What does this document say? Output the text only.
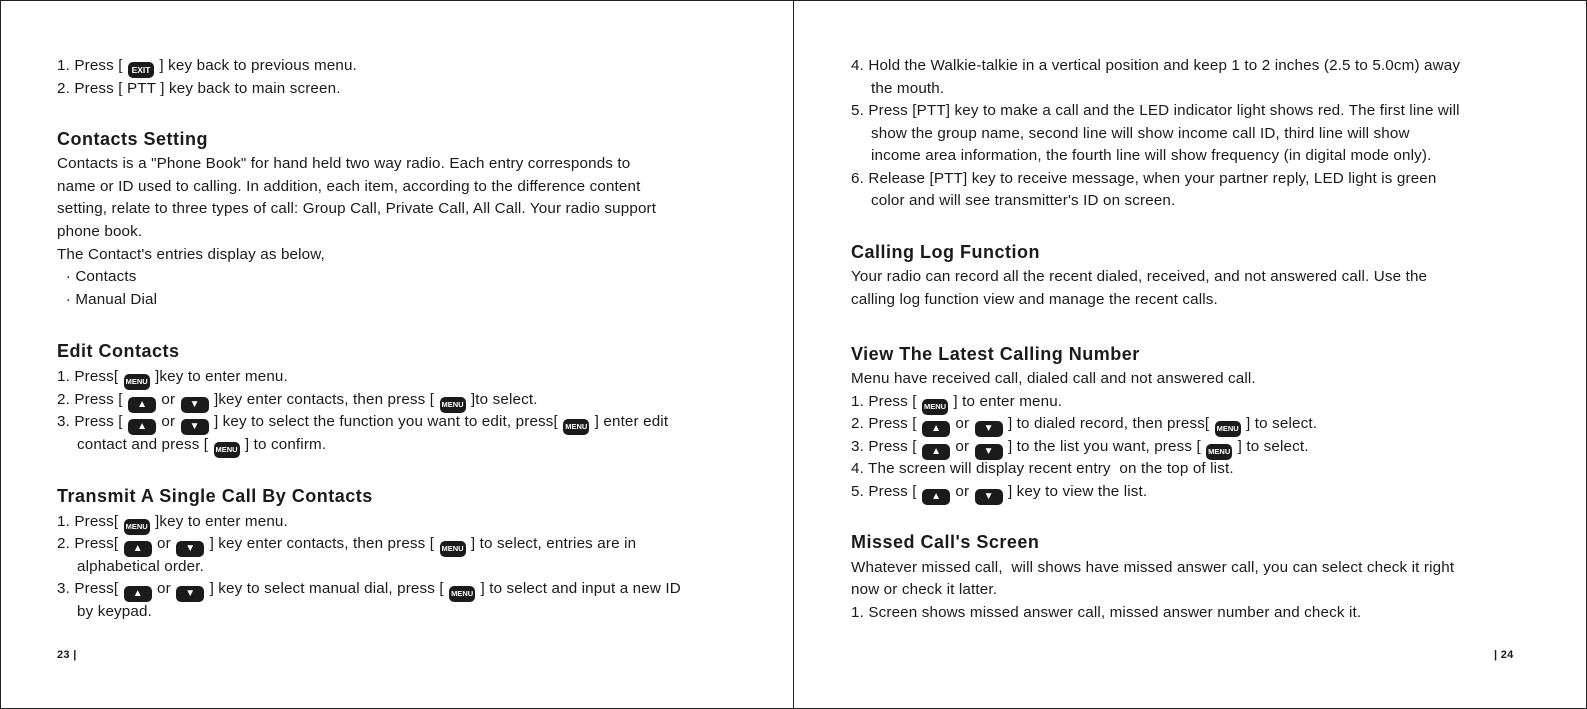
1. Press [ EXIT ] key back to previous menu.

2. Press [ PTT ] key back to main screen.

Contacts Setting

Contacts is a "Phone Book" for hand held two way radio. Each entry corresponds to

name or ID used to calling. In addition, each item, according to the difference content

setting, relate to three types of call: Group Call, Private Call, All Call. Your radio support

phone book.

The Contact's entries display as below,

· Contacts

· Manual Dial

Edit Contacts

1. Press[ MENU ]key to enter menu.

2. Press [ ▲ or ▼ ]key enter contacts, then press [ MENU ]to select.

3. Press [ ▲ or ▼ ] key to select the function you want to edit, press[ MENU ] enter edit

contact and press [ MENU ] to confirm.

Transmit A Single Call By Contacts

1. Press[ MENU ]key to enter menu.

2. Press[ ▲ or ▼ ] key enter contacts, then press [ MENU ] to select, entries are in

alphabetical order.

3. Press[ ▲ or ▼ ] key to select manual dial, press [ MENU ] to select and input a new ID

by keypad.

23 |

4. Hold the Walkie-talkie in a vertical position and keep 1 to 2 inches (2.5 to 5.0cm) away

the mouth.

5. Press [PTT] key to make a call and the LED indicator light shows red. The first line will

show the group name, second line will show income call ID, third line will show

income area information, the fourth line will show frequency (in digital mode only).

6. Release [PTT] key to receive message, when your partner reply, LED light is green

color and will see transmitter's ID on screen.

Calling Log Function

Your radio can record all the recent dialed, received, and not answered call. Use the

calling log function view and manage the recent calls.

View The Latest Calling Number

Menu have received call, dialed call and not answered call.

1. Press [ MENU ] to enter menu.

2. Press [ ▲ or ▼ ] to dialed record, then press[ MENU ] to select.

3. Press [ ▲ or ▼ ] to the list you want, press [ MENU ] to select.

4. The screen will display recent entry  on the top of list.

5. Press [ ▲ or ▼ ] key to view the list.

Missed Call's Screen

Whatever missed call,  will shows have missed answer call, you can select check it right

now or check it latter.

1. Screen shows missed answer call, missed answer number and check it.

| 24
